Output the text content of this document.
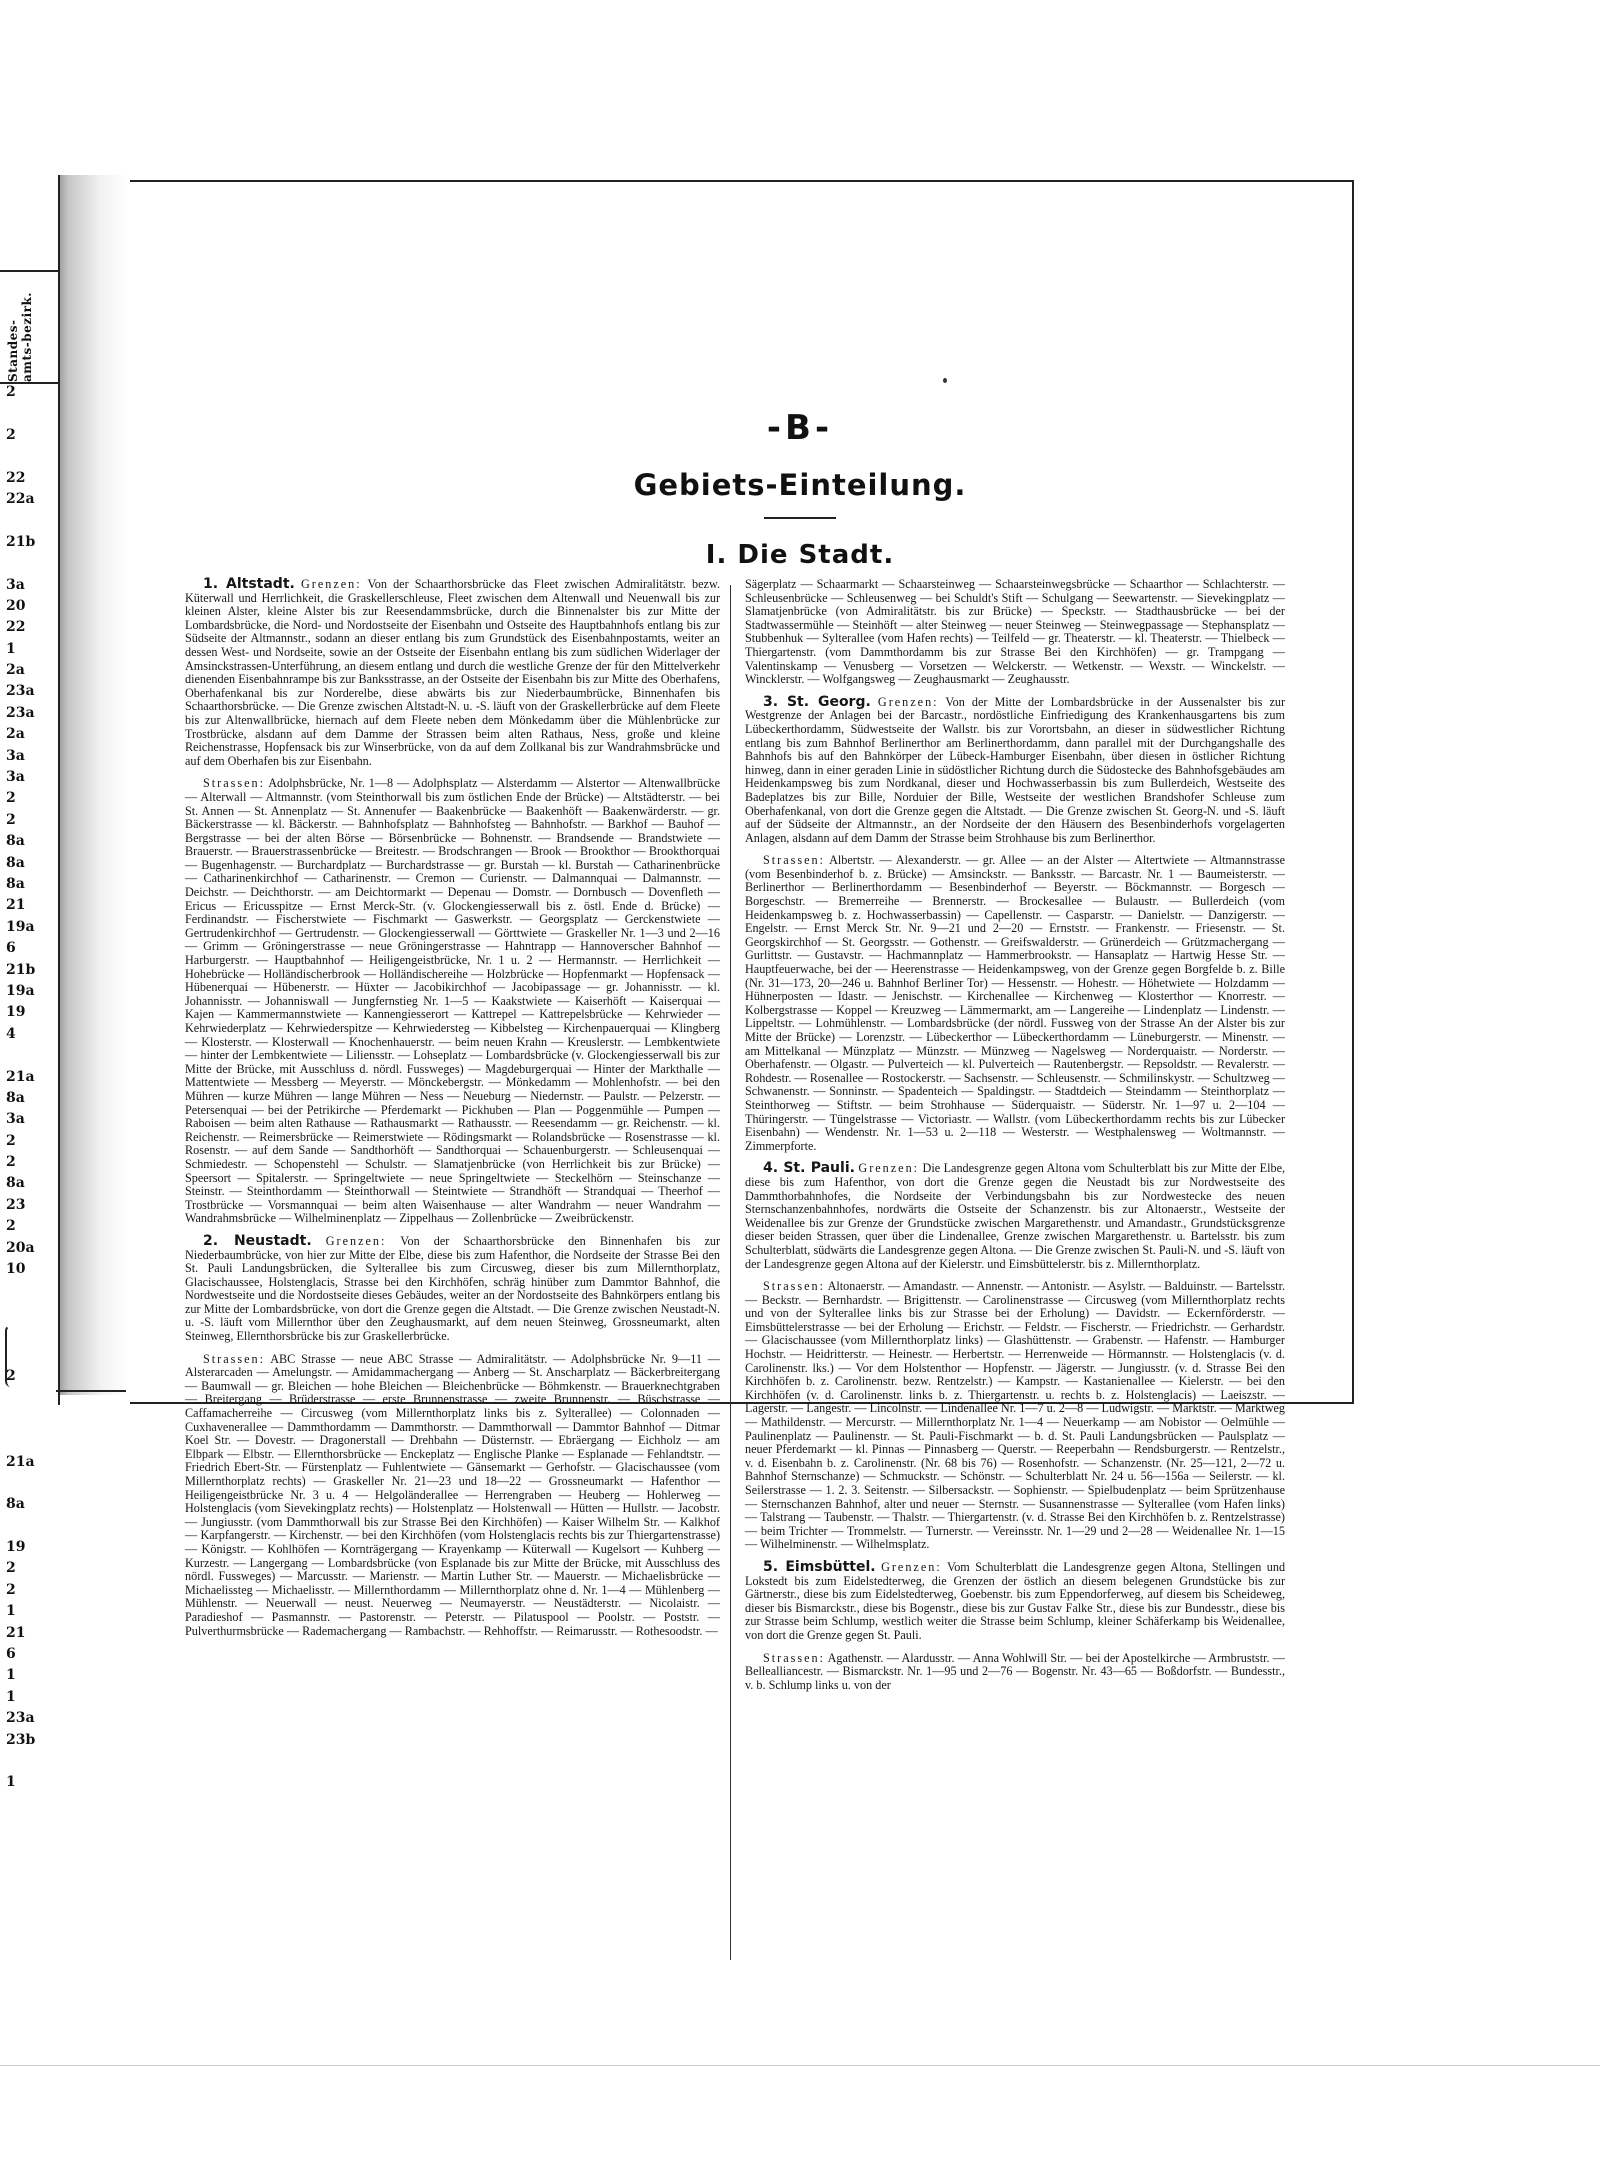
Standes-amts-bezirk.
2
2
22
22a
21b
3a
20
22
1
2a
23a
23a
2a
3a
3a
2
2
8a
8a
8a
21
19a
6
21b
19a
19
4
21a
8a
3a
2
2
8a
23
2
20a
10
2
21a
8a
19
2
2
1
21
6
1
1
23a
23b
1
-B-
Gebiets-Einteilung.
I. Die Stadt.

1. Altstadt. Grenzen: Von der Schaarthorsbrücke das Fleet zwischen Admiralitätstr. bezw. Küterwall und Herrlichkeit, die Graskellerschleuse, Fleet zwischen dem Altenwall und Neuenwall bis zur kleinen Alster, kleine Alster bis zur Reesendammsbrücke, durch die Binnenalster bis zur Mitte der Lombardsbrücke, die Nord- und Nordostseite der Eisenbahn und Ostseite des Hauptbahnhofs entlang bis zur Südseite der Altmannstr., sodann an dieser entlang bis zum Grundstück des Eisenbahnpostamts, weiter an dessen West- und Nordseite, sowie an der Ostseite der Eisenbahn entlang bis zum südlichen Widerlager der Amsinckstrassen-Unterführung, an diesem entlang und durch die westliche Grenze der für den Mittelverkehr dienenden Eisenbahnrampe bis zur Banksstrasse, an der Ostseite der Eisenbahn bis zur Mitte des Oberhafens, Oberhafenkanal bis zur Norderelbe, diese abwärts bis zur Niederbaumbrücke, Binnenhafen bis Schaarthorsbrücke. — Die Grenze zwischen Altstadt-N. u. -S. läuft von der Graskellerbrücke auf dem Fleete bis zur Altenwallbrücke, hiernach auf dem Fleete neben dem Mönkedamm über die Mühlenbrücke zur Trostbrücke, alsdann auf dem Damme der Strassen beim alten Rathaus, Ness, große und kleine Reichenstrasse, Hopfensack bis zur Winserbrücke, von da auf dem Zollkanal bis zur Wandrahmsbrücke und auf dem Oberhafen bis zur Eisenbahn.

Strassen: Adolphsbrücke, Nr. 1—8 — Adolphsplatz — Alsterdamm — Alstertor — Altenwallbrücke — Alterwall — Altmannstr. (vom Steinthorwall bis zum östlichen Ende der Brücke) — Altstädterstr. — bei St. Annen — St. Annenplatz — St. Annenufer — Baakenbrücke — Baakenhöft — Baakenwärderstr. — gr. Bäckerstrasse — kl. Bäckerstr. — Bahnhofsplatz — Bahnhofsteg — Bahnhofstr. — Barkhof — Bauhof — Bergstrasse — bei der alten Börse — Börsenbrücke — Bohnenstr. — Brandsende — Brandstwiete — Brauerstr. — Brauerstrassenbrücke — Breitestr. — Brodschrangen — Brook — Brookthor — Brookthorquai — Bugenhagenstr. — Burchardplatz — Burchardstrasse — gr. Burstah — kl. Burstah — Catharinenbrücke — Catharinenkirchhof — Catharinenstr. — Cremon — Curienstr. — Dalmannquai — Dalmannstr. — Deichstr. — Deichthorstr. — am Deichtormarkt — Depenau — Domstr. — Dornbusch — Dovenfleth — Ericus — Ericusspitze — Ernst Merck-Str. (v. Glockengiesserwall bis z. östl. Ende d. Brücke) — Ferdinandstr. — Fischerstwiete — Fischmarkt — Gaswerkstr. — Georgsplatz — Gerckenstwiete — Gertrudenkirchhof — Gertrudenstr. — Glockengiesserwall — Görttwiete — Graskeller Nr. 1—3 und 2—16 — Grimm — Gröningerstrasse — neue Gröningerstrasse — Hahntrapp — Hannoverscher Bahnhof — Harburgerstr. — Hauptbahnhof — Heiligengeistbrücke, Nr. 1 u. 2 — Hermannstr. — Herrlichkeit — Hohebrücke — Holländischerbrook — Holländischereihe — Holzbrücke — Hopfenmarkt — Hopfensack — Hübenerquai — Hübenerstr. — Hüxter — Jacobikirchhof — Jacobipassage — gr. Johannisstr. — kl. Johannisstr. — Johanniswall — Jungfernstieg Nr. 1—5 — Kaakstwiete — Kaiserhöft — Kaiserquai — Kajen — Kammermannstwiete — Kannengiesserort — Kattrepel — Kattrepelsbrücke — Kehrwieder — Kehrwiederplatz — Kehrwiederspitze — Kehrwiedersteg — Kibbelsteg — Kirchenpauerquai — Klingberg — Klosterstr. — Klosterwall — Knochenhauerstr. — beim neuen Krahn — Kreuslerstr. — Lembkentwiete — hinter der Lembkentwiete — Liliensstr. — Lohseplatz — Lombardsbrücke (v. Glockengiesserwall bis zur Mitte der Brücke, mit Ausschluss d. nördl. Fussweges) — Magdeburgerquai — Hinter der Markthalle — Mattentwiete — Messberg — Meyerstr. — Mönckebergstr. — Mönkedamm — Mohlenhofstr. — bei den Mühren — kurze Mühren — lange Mühren — Ness — Neueburg — Niedernstr. — Paulstr. — Pelzerstr. — Petersenquai — bei der Petrikirche — Pferdemarkt — Pickhuben — Plan — Poggenmühle — Pumpen — Raboisen — beim alten Rathause — Rathausmarkt — Rathausstr. — Reesendamm — gr. Reichenstr. — kl. Reichenstr. — Reimersbrücke — Reimerstwiete — Rödingsmarkt — Rolandsbrücke — Rosenstrasse — kl. Rosenstr. — auf dem Sande — Sandthorhöft — Sandthorquai — Schauenburgerstr. — Schleusenquai — Schmiedestr. — Schopenstehl — Schulstr. — Slamatjenbrücke (von Herrlichkeit bis zur Brücke) — Speersort — Spitalerstr. — Springeltwiete — neue Springeltwiete — Steckelhörn — Steinschanze — Steinstr. — Steinthordamm — Steinthorwall — Steintwiete — Strandhöft — Strandquai — Theerhof — Trostbrücke — Vorsmannquai — beim alten Waisenhause — alter Wandrahm — neuer Wandrahm — Wandrahmsbrücke — Wilhelminenplatz — Zippelhaus — Zollenbrücke — Zweibrückenstr.

2. Neustadt. Grenzen: Von der Schaarthorsbrücke den Binnenhafen bis zur Niederbaumbrücke, von hier zur Mitte der Elbe, diese bis zum Hafenthor, die Nordseite der Strasse Bei den St. Pauli Landungsbrücken, die Sylterallee bis zum Circusweg, dieser bis zum Millernthorplatz, Glacischaussee, Holstenglacis, Strasse bei den Kirchhöfen, schräg hinüber zum Dammtor Bahnhof, die Nordwestseite und die Nordostseite dieses Gebäudes, weiter an der Nordostseite des Bahnkörpers entlang bis zur Mitte der Lombardsbrücke, von dort die Grenze gegen die Altstadt. — Die Grenze zwischen Neustadt-N. u. -S. läuft vom Millernthor über den Zeughausmarkt, auf dem neuen Steinweg, Grossneumarkt, alten Steinweg, Ellernthorsbrücke bis zur Graskellerbrücke.

Strassen: ABC Strasse — neue ABC Strasse — Admiralitätstr. — Adolphsbrücke Nr. 9—11 — Alsterarcaden — Amelungstr. — Amidammachergang — Anberg — St. Anscharplatz — Bäckerbreitergang — Baumwall — gr. Bleichen — hohe Bleichen — Bleichenbrücke — Böhmkenstr. — Brauerknechtgraben — Breitergang — Brüderstrasse — erste Brunnenstrasse — zweite Brunnenstr. — Büschstrasse — Caffamacherreihe — Circusweg (vom Millernthorplatz links bis z. Sylterallee) — Colonnaden — Cuxhavenerallee — Dammthordamm — Dammthorstr. — Dammthorwall — Dammtor Bahnhof — Ditmar Koel Str. — Dovestr. — Dragonerstall — Drehbahn — Düsternstr. — Ebräergang — Eichholz — am Elbpark — Elbstr. — Ellernthorsbrücke — Enckeplatz — Englische Planke — Esplanade — Fehlandtstr. — Friedrich Ebert-Str. — Fürstenplatz — Fuhlentwiete — Gänsemarkt — Gerhofstr. — Glacischaussee (vom Millernthorplatz rechts) — Graskeller Nr. 21—23 und 18—22 — Grossneumarkt — Hafenthor — Heiligengeistbrücke Nr. 3 u. 4 — Helgoländerallee — Herrengraben — Heuberg — Hohlerweg — Holstenglacis (vom Sievekingplatz rechts) — Holstenplatz — Holstenwall — Hütten — Hullstr. — Jacobstr. — Jungiusstr. (vom Dammthorwall bis zur Strasse Bei den Kirchhöfen) — Kaiser Wilhelm Str. — Kalkhof — Karpfangerstr. — Kirchenstr. — bei den Kirchhöfen (vom Holstenglacis rechts bis zur Thiergartenstrasse) — Königstr. — Kohlhöfen — Kornträgergang — Krayenkamp — Küterwall — Kugelsort — Kuhberg — Kurzestr. — Langergang — Lombardsbrücke (von Esplanade bis zur Mitte der Brücke, mit Ausschluss des nördl. Fussweges) — Marcusstr. — Marienstr. — Martin Luther Str. — Mauerstr. — Michaelisbrücke — Michaelissteg — Michaelisstr. — Millernthordamm — Millernthorplatz ohne d. Nr. 1—4 — Mühlenberg — Mühlenstr. — Neuerwall — neust. Neuerweg — Neumayerstr. — Neustädterstr. — Nicolaistr. — Paradieshof — Pasmannstr. — Pastorenstr. — Peterstr. — Pilatuspool — Poolstr. — Poststr. — Pulverthurmsbrücke — Rademachergang — Rambachstr. — Rehhoffstr. — Reimarusstr. — Rothesoodstr. —

Sägerplatz — Schaarmarkt — Schaarsteinweg — Schaarsteinwegsbrücke — Schaarthor — Schlachterstr. — Schleusenbrücke — Schleusenweg — bei Schuldt's Stift — Schulgang — Seewartenstr. — Sievekingplatz — Slamatjenbrücke (von Admiralitätstr. bis zur Brücke) — Speckstr. — Stadthausbrücke — bei der Stadtwassermühle — Steinhöft — alter Steinweg — neuer Steinweg — Steinwegpassage — Stephansplatz — Stubbenhuk — Sylterallee (vom Hafen rechts) — Teilfeld — gr. Theaterstr. — kl. Theaterstr. — Thielbeck — Thiergartenstr. (vom Dammthordamm bis zur Strasse Bei den Kirchhöfen) — gr. Trampgang — Valentinskamp — Venusberg — Vorsetzen — Welckerstr. — Wetkenstr. — Wexstr. — Winckelstr. — Wincklerstr. — Wolfgangsweg — Zeughausmarkt — Zeughausstr.

3. St. Georg. Grenzen: Von der Mitte der Lombardsbrücke in der Aussenalster bis zur Westgrenze der Anlagen bei der Barcastr., nordöstliche Einfriedigung des Krankenhausgartens bis zum Lübeckerthordamm, Südwestseite der Wallstr. bis zur Vorortsbahn, an dieser in südwestlicher Richtung entlang bis zum Bahnhof Berlinerthor am Berlinerthordamm, dann parallel mit der Durchgangshalle des Bahnhofs bis auf den Bahnkörper der Lübeck-Hamburger Eisenbahn, über diesen in östlicher Richtung hinweg, dann in einer geraden Linie in südöstlicher Richtung durch die Südostecke des Bahnhofsgebäudes am Heidenkampsweg bis zum Nordkanal, dieser und Hochwasserbassin bis zum Bullerdeich, Westseite des Badeplatzes bis zur Bille, Norduier der Bille, Westseite der westlichen Brandshofer Schleuse zum Oberhafenkanal, von dort die Grenze gegen die Altstadt. — Die Grenze zwischen St. Georg-N. und -S. läuft auf der Südseite der Altmannstr., an der Nordseite der den Häusern des Besenbinderhofs vorgelagerten Anlagen, alsdann auf dem Damm der Strasse beim Strohhause bis zum Berlinerthor.

Strassen: Albertstr. — Alexanderstr. — gr. Allee — an der Alster — Altertwiete — Altmannstrasse (vom Besenbinderhof b. z. Brücke) — Amsinckstr. — Banksstr. — Barcastr. Nr. 1 — Baumeisterstr. — Berlinerthor — Berlinerthordamm — Besenbinderhof — Beyerstr. — Böckmannstr. — Borgesch — Borgeschstr. — Bremerreihe — Brennerstr. — Brockesallee — Bulaustr. — Bullerdeich (vom Heidenkampsweg b. z. Hochwasserbassin) — Capellenstr. — Casparstr. — Danielstr. — Danzigerstr. — Engelstr. — Ernst Merck Str. Nr. 9—21 und 2—20 — Ernststr. — Frankenstr. — Friesenstr. — St. Georgskirchhof — St. Georgsstr. — Gothenstr. — Greifswalderstr. — Grünerdeich — Grützmachergang — Gurlittstr. — Gustavstr. — Hachmannplatz — Hammerbrookstr. — Hansaplatz — Hartwig Hesse Str. — Hauptfeuerwache, bei der — Heerenstrasse — Heidenkampsweg, von der Grenze gegen Borgfelde b. z. Bille (Nr. 31—173, 20—246 u. Bahnhof Berliner Tor) — Hessenstr. — Hohestr. — Höhetwiete — Holzdamm — Hühnerposten — Idastr. — Jenischstr. — Kirchenallee — Kirchenweg — Klosterthor — Knorrestr. — Kolbergstrasse — Koppel — Kreuzweg — Lämmermarkt, am — Langereihe — Lindenplatz — Lindenstr. — Lippeltstr. — Lohmühlenstr. — Lombardsbrücke (der nördl. Fussweg von der Strasse An der Alster bis zur Mitte der Brücke) — Lorenzstr. — Lübeckerthor — Lübeckerthordamm — Lüneburgerstr. — Minenstr. — am Mittelkanal — Münzplatz — Münzstr. — Münzweg — Nagelsweg — Norderquaistr. — Norderstr. — Oberhafenstr. — Olgastr. — Pulverteich — kl. Pulverteich — Rautenbergstr. — Repsoldstr. — Revalerstr. — Rohdestr. — Rosenallee — Rostockerstr. — Sachsenstr. — Schleusenstr. — Schmilinskystr. — Schultzweg — Schwanenstr. — Sonninstr. — Spadenteich — Spaldingstr. — Stadtdeich — Steindamm — Steinthorplatz — Steinthorweg — Stiftstr. — beim Strohhause — Süderquaistr. — Süderstr. Nr. 1—97 u. 2—104 — Thüringerstr. — Tüngelstrasse — Victoriastr. — Wallstr. (vom Lübeckerthordamm rechts bis zur Lübecker Eisenbahn) — Wendenstr. Nr. 1—53 u. 2—118 — Westerstr. — Westphalensweg — Woltmannstr. — Zimmerpforte.

4. St. Pauli. Grenzen: Die Landesgrenze gegen Altona vom Schulterblatt bis zur Mitte der Elbe, diese bis zum Hafenthor, von dort die Grenze gegen die Neustadt bis zur Nordwestseite des Dammthorbahnhofes, die Nordseite der Verbindungsbahn bis zur Nordwestecke des neuen Sternschanzenbahnhofes, nordwärts die Ostseite der Schanzenstr. bis zur Altonaerstr., Westseite der Weidenallee bis zur Grenze der Grundstücke zwischen Margarethenstr. und Amandastr., Grundstücksgrenze dieser beiden Strassen, quer über die Lindenallee, Grenze zwischen Margarethenstr. u. Bartelsstr. bis zum Schulterblatt, südwärts die Landesgrenze gegen Altona. — Die Grenze zwischen St. Pauli-N. und -S. läuft von der Landesgrenze gegen Altona auf der Kielerstr. und Eimsbüttelerstr. bis z. Millernthorplatz.

Strassen: Altonaerstr. — Amandastr. — Annenstr. — Antonistr. — Asylstr. — Balduinstr. — Bartelsstr. — Beckstr. — Bernhardstr. — Brigittenstr. — Carolinenstrasse — Circusweg (vom Millernthorplatz rechts und von der Sylterallee links bis zur Strasse bei der Erholung) — Davidstr. — Eckernförderstr. — Eimsbüttelerstrasse — bei der Erholung — Erichstr. — Feldstr. — Fischerstr. — Friedrichstr. — Gerhardstr. — Glacischaussee (vom Millernthorplatz links) — Glashüttenstr. — Grabenstr. — Hafenstr. — Hamburger Hochstr. — Heidritterstr. — Heinestr. — Herbertstr. — Herrenweide — Hörmannstr. — Holstenglacis (v. d. Carolinenstr. lks.) — Vor dem Holstenthor — Hopfenstr. — Jägerstr. — Jungiusstr. (v. d. Strasse Bei den Kirchhöfen b. z. Carolinenstr. bezw. Rentzelstr.) — Kampstr. — Kastanienallee — Kielerstr. — bei den Kirchhöfen (v. d. Carolinenstr. links b. z. Thiergartenstr. u. rechts b. z. Holstenglacis) — Laeiszstr. — Lagerstr. — Langestr. — Lincolnstr. — Lindenallee Nr. 1—7 u. 2—8 — Ludwigstr. — Marktstr. — Marktweg — Mathildenstr. — Mercurstr. — Millernthorplatz Nr. 1—4 — Neuerkamp — am Nobistor — Oelmühle — Paulinenplatz — Paulinenstr. — St. Pauli-Fischmarkt — b. d. St. Pauli Landungsbrücken — Paulsplatz — neuer Pferdemarkt — kl. Pinnas — Pinnasberg — Querstr. — Reeperbahn — Rendsburgerstr. — Rentzelstr., v. d. Eisenbahn b. z. Carolinenstr. (Nr. 68 bis 76) — Rosenhofstr. — Schanzenstr. (Nr. 25—121, 2—72 u. Bahnhof Sternschanze) — Schmuckstr. — Schönstr. — Schulterblatt Nr. 24 u. 56—156a — Seilerstr. — kl. Seilerstrasse — 1. 2. 3. Seitenstr. — Silbersackstr. — Sophienstr. — Spielbudenplatz — beim Sprützenhause — Sternschanzen Bahnhof, alter und neuer — Sternstr. — Susannenstrasse — Sylterallee (vom Hafen links) — Talstrang — Taubenstr. — Thalstr. — Thiergartenstr. (v. d. Strasse Bei den Kirchhöfen b. z. Rentzelstrasse) — beim Trichter — Trommelstr. — Turnerstr. — Vereinsstr. Nr. 1—29 und 2—28 — Weidenallee Nr. 1—15 — Wilhelminenstr. — Wilhelmsplatz.

5. Eimsbüttel. Grenzen: Vom Schulterblatt die Landesgrenze gegen Altona, Stellingen und Lokstedt bis zum Eidelstedterweg, die Grenzen der östlich an diesem belegenen Grundstücke bis zur Gärtnerstr., diese bis zum Eidelstedterweg, Goebenstr. bis zum Eppendorferweg, auf diesem bis Scheideweg, dieser bis Bismarckstr., diese bis Bogenstr., diese bis zur Gustav Falke Str., diese bis zur Bundesstr., diese bis zur Strasse beim Schlump, westlich weiter die Strasse beim Schlump, kleiner Schäferkamp bis Weidenallee, von dort die Grenze gegen St. Pauli.

Strassen: Agathenstr. — Alardusstr. — Anna Wohlwill Str. — bei der Apostelkirche — Armbruststr. — Bellealliancestr. — Bismarckstr. Nr. 1—95 und 2—76 — Bogenstr. Nr. 43—65 — Boßdorfstr. — Bundesstr., v. b. Schlump links u. von der
